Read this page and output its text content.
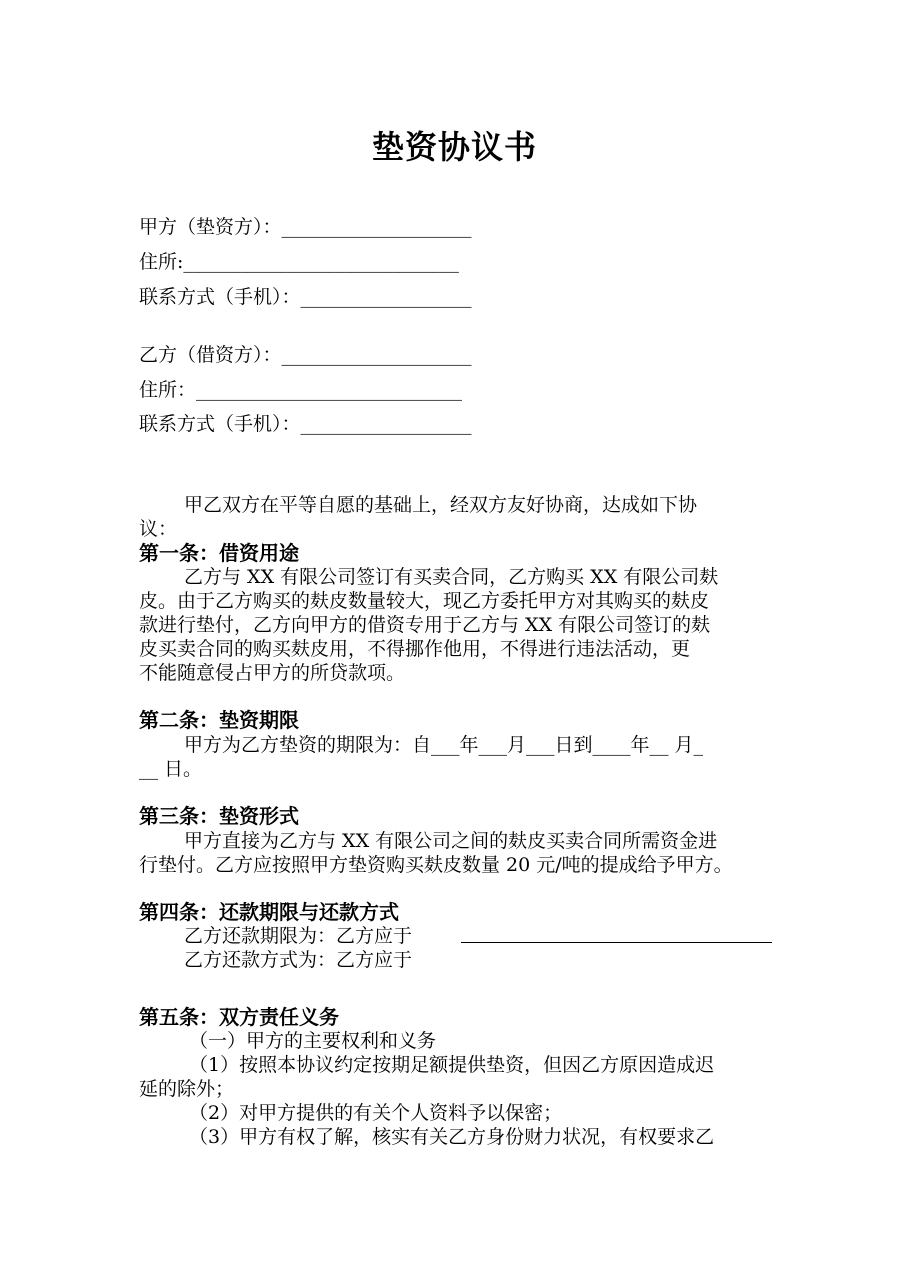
垫资协议书
甲方（垫资方）：____________________
住所:_____________________________
联系方式（手机）：__________________
乙方（借资方）：____________________
住所：____________________________
联系方式（手机）：__________________
甲乙双方在平等自愿的基础上，经双方友好协商，达成如下协
议：
第一条：借资用途
乙方与 XX 有限公司签订有买卖合同，乙方购买 XX 有限公司麸
皮。由于乙方购买的麸皮数量较大，现乙方委托甲方对其购买的麸皮
款进行垫付，乙方向甲方的借资专用于乙方与 XX 有限公司签订的麸
皮买卖合同的购买麸皮用，不得挪作他用，不得进行违法活动，更
不能随意侵占甲方的所贷款项。
第二条：垫资期限
甲方为乙方垫资的期限为：自___年___月___日到____年__ 月_
__ 日。
第三条：垫资形式
甲方直接为乙方与 XX 有限公司之间的麸皮买卖合同所需资金进
行垫付。乙方应按照甲方垫资购买麸皮数量 20 元/吨的提成给予甲方。
第四条：还款期限与还款方式
乙方还款期限为：乙方应于
乙方还款方式为：乙方应于
第五条：双方责任义务
（一）甲方的主要权利和义务
（1）按照本协议约定按期足额提供垫资，但因乙方原因造成迟
延的除外；
（2）对甲方提供的有关个人资料予以保密；
（3）甲方有权了解，核实有关乙方身份财力状况，有权要求乙
